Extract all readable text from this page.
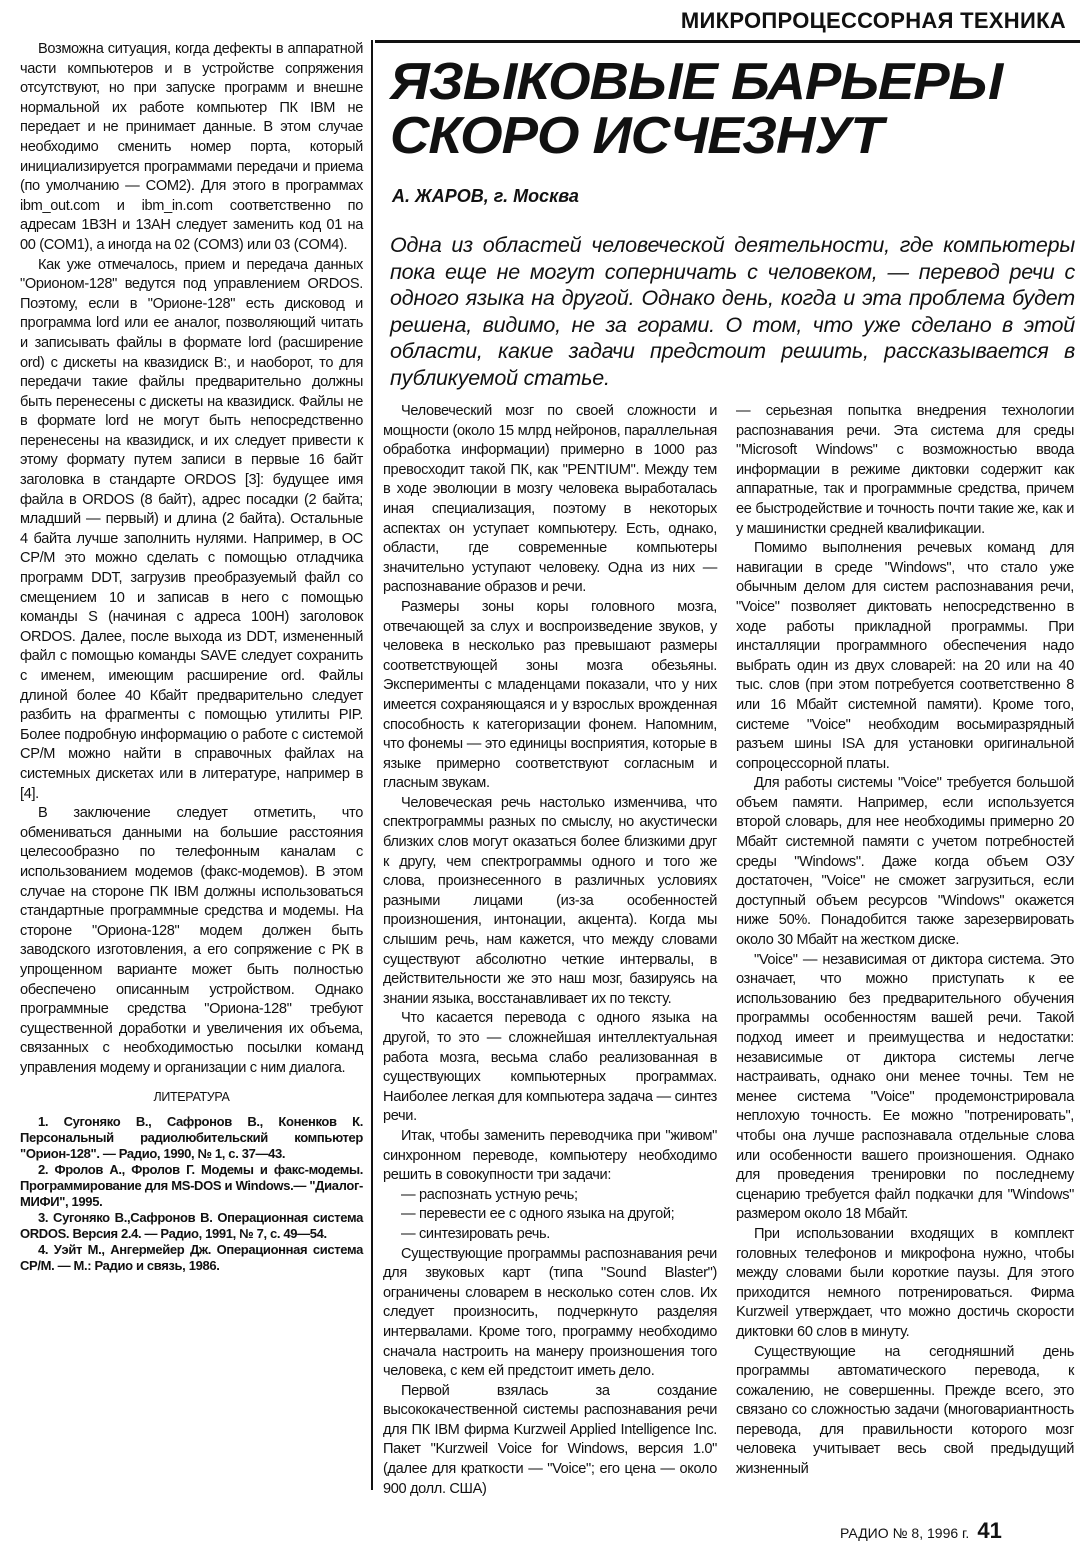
МИКРОПРОЦЕССОРНАЯ ТЕХНИКА

Возможна ситуация, когда дефекты в аппаратной части компьютеров и в устройстве сопряжения отсутствуют, но при запуске программ и внешне нормальной их работе компьютер ПК IBM не передает и не принимает данные. В этом случае необходимо сменить номер порта, который инициализируется программами передачи и приема (по умолчанию — COM2). Для этого в программах ibm_out.com и ibm_in.com соответственно по адресам 1B3H и 13AH следует заменить код 01 на 00 (COM1), а иногда на 02 (COM3) или 03 (COM4).

Как уже отмечалось, прием и передача данных "Орионом-128" ведутся под управлением ORDOS. Поэтому, если в "Орионе-128" есть дисковод и программа lord или ее аналог, позволяющий читать и записывать файлы в формате lord (расширение ord) с дискеты на квазидиск B:, и наоборот, то для передачи такие файлы предварительно должны быть перенесены с дискеты на квазидиск. Файлы не в формате lord не могут быть непосредственно перенесены на квазидиск, и их следует привести к этому формату путем записи в первые 16 байт заголовка в стандарте ORDOS [3]: будущее имя файла в ORDOS (8 байт), адрес посадки (2 байта; младший — первый) и длина (2 байта). Остальные 4 байта лучше заполнить нулями. Например, в ОС CP/M это можно сделать с помощью отладчика программ DDT, загрузив преобразуемый файл со смещением 10 и записав в него с помощью команды S (начиная с адреса 100H) заголовок ORDOS. Далее, после выхода из DDT, измененный файл с помощью команды SAVE следует сохранить с именем, имеющим расширение ord. Файлы длиной более 40 Кбайт предварительно следует разбить на фрагменты с помощью утилиты PIP. Более подробную информацию о работе с системой CP/M можно найти в справочных файлах на системных дискетах или в литературе, например в [4].

В заключение следует отметить, что обмениваться данными на большие расстояния целесообразно по телефонным каналам с использованием модемов (факс-модемов). В этом случае на стороне ПК IBM должны использоваться стандартные программные средства и модемы. На стороне "Ориона-128" модем должен быть заводского изготовления, а его сопряжение с РК в упрощенном варианте может быть полностью обеспечено описанным устройством. Однако программные средства "Ориона-128" требуют существенной доработки и увеличения их объема, связанных с необходимостью посылки команд управления модему и организации с ним диалога.

ЛИТЕРАТУРА

1. Сугоняко В., Сафронов В., Коненков К. Персональный радиолюбительский компьютер "Орион-128". — Радио, 1990, № 1, с. 37—43.

2. Фролов А., Фролов Г. Модемы и факс-модемы. Программирование для MS-DOS и Windows.— "Диалог-МИФИ", 1995.

3. Сугоняко В.,Сафронов В. Операционная система ORDOS. Версия 2.4. — Радио, 1991, № 7, с. 49—54.

4. Уэйт М., Ангермейер Дж. Операционная система CP/M. — М.: Радио и связь, 1986.

ЯЗЫКОВЫЕ БАРЬЕРЫ
СКОРО ИСЧЕЗНУТ
А. ЖАРОВ, г. Москва
Одна из областей человеческой деятельности, где компьютеры пока еще не могут соперничать с человеком, — перевод речи с одного языка на другой. Однако день, когда и эта проблема будет решена, видимо, не за горами. О том, что уже сделано в этой области, какие задачи предстоит решить, рассказывается в публикуемой статье.

Человеческий мозг по своей сложности и мощности (около 15 млрд нейронов, параллельная обработка информации) примерно в 1000 раз превосходит такой ПК, как "PENTIUM". Между тем в ходе эволюции в мозгу человека выработалась иная специализация, поэтому в некоторых аспектах он уступает компьютеру. Есть, однако, области, где современные компьютеры значительно уступают человеку. Одна из них — распознавание образов и речи.

Размеры зоны коры головного мозга, отвечающей за слух и воспроизведение звуков, у человека в несколько раз превышают размеры соответствующей зоны мозга обезьяны. Эксперименты с младенцами показали, что у них имеется сохраняющаяся и у взрослых врожденная способность к категоризации фонем. Напомним, что фонемы — это единицы восприятия, которые в языке примерно соответствуют согласным и гласным звукам.

Человеческая речь настолько изменчива, что спектрограммы разных по смыслу, но акустически близких слов могут оказаться более близкими друг к другу, чем спектрограммы одного и того же слова, произнесенного в различных условиях разными лицами (из-за особенностей произношения, интонации, акцента). Когда мы слышим речь, нам кажется, что между словами существуют абсолютно четкие интервалы, в действительности же это наш мозг, базируясь на знании языка, восстанавливает их по тексту.

Что касается перевода с одного языка на другой, то это — сложнейшая интеллектуальная работа мозга, весьма слабо реализованная в существующих компьютерных программах. Наиболее легкая для компьютера задача — синтез речи.

Итак, чтобы заменить переводчика при "живом" синхронном переводе, компьютеру необходимо решить в совокупности три задачи:

— распознать устную речь;

— перевести ее с одного языка на другой;

— синтезировать речь.

Существующие программы распознавания речи для звуковых карт (типа "Sound Blaster") ограничены словарем в несколько сотен слов. Их следует произносить, подчеркнуто разделяя интервалами. Кроме того, программу необходимо сначала настроить на манеру произношения того человека, с кем ей предстоит иметь дело.

Первой взялась за создание высококачественной системы распознавания речи для ПК IBM фирма Kurzweil Applied Intelligence Inc. Пакет "Kurzweil Voice for Windows, версия 1.0" (далее для краткости — "Voice"; его цена — около 900 долл. США)

— серьезная попытка внедрения технологии распознавания речи. Эта система для среды "Microsoft Windows" с возможностью ввода информации в режиме диктовки содержит как аппаратные, так и программные средства, причем ее быстродействие и точность почти такие же, как и у машинистки средней квалификации.

Помимо выполнения речевых команд для навигации в среде "Windows", что стало уже обычным делом для систем распознавания речи, "Voice" позволяет диктовать непосредственно в ходе работы прикладной программы. При инсталляции программного обеспечения надо выбрать один из двух словарей: на 20 или на 40 тыс. слов (при этом потребуется соответственно 8 или 16 Мбайт системной памяти). Кроме того, системе "Voice" необходим восьмиразрядный разъем шины ISA для установки оригинальной сопроцессорной платы.

Для работы системы "Voice" требуется большой объем памяти. Например, если используется второй словарь, для нее необходимы примерно 20 Мбайт системной памяти с учетом потребностей среды "Windows". Даже когда объем ОЗУ достаточен, "Voice" не сможет загрузиться, если доступный объем ресурсов "Windows" окажется ниже 50%. Понадобится также зарезервировать около 30 Мбайт на жестком диске.

"Voice" — независимая от диктора система. Это означает, что можно приступать к ее использованию без предварительного обучения программы особенностям вашей речи. Такой подход имеет и преимущества и недостатки: независимые от диктора системы легче настраивать, однако они менее точны. Тем не менее система "Voice" продемонстрировала неплохую точность. Ее можно "потренировать", чтобы она лучше распознавала отдельные слова или особенности вашего произношения. Однако для проведения тренировки по последнему сценарию требуется файл подкачки для "Windows" размером около 18 Мбайт.

При использовании входящих в комплект головных телефонов и микрофона нужно, чтобы между словами были короткие паузы. Для этого приходится немного потренироваться. Фирма Kurzweil утверждает, что можно достичь скорости диктовки 60 слов в минуту.

Существующие на сегодняшний день программы автоматического перевода, к сожалению, не совершенны. Прежде всего, это связано со сложностью задачи (многовариантность перевода, для правильности которого мозг человека учитывает весь свой предыдущий жизненный

РАДИО № 8, 1996 г. 41
